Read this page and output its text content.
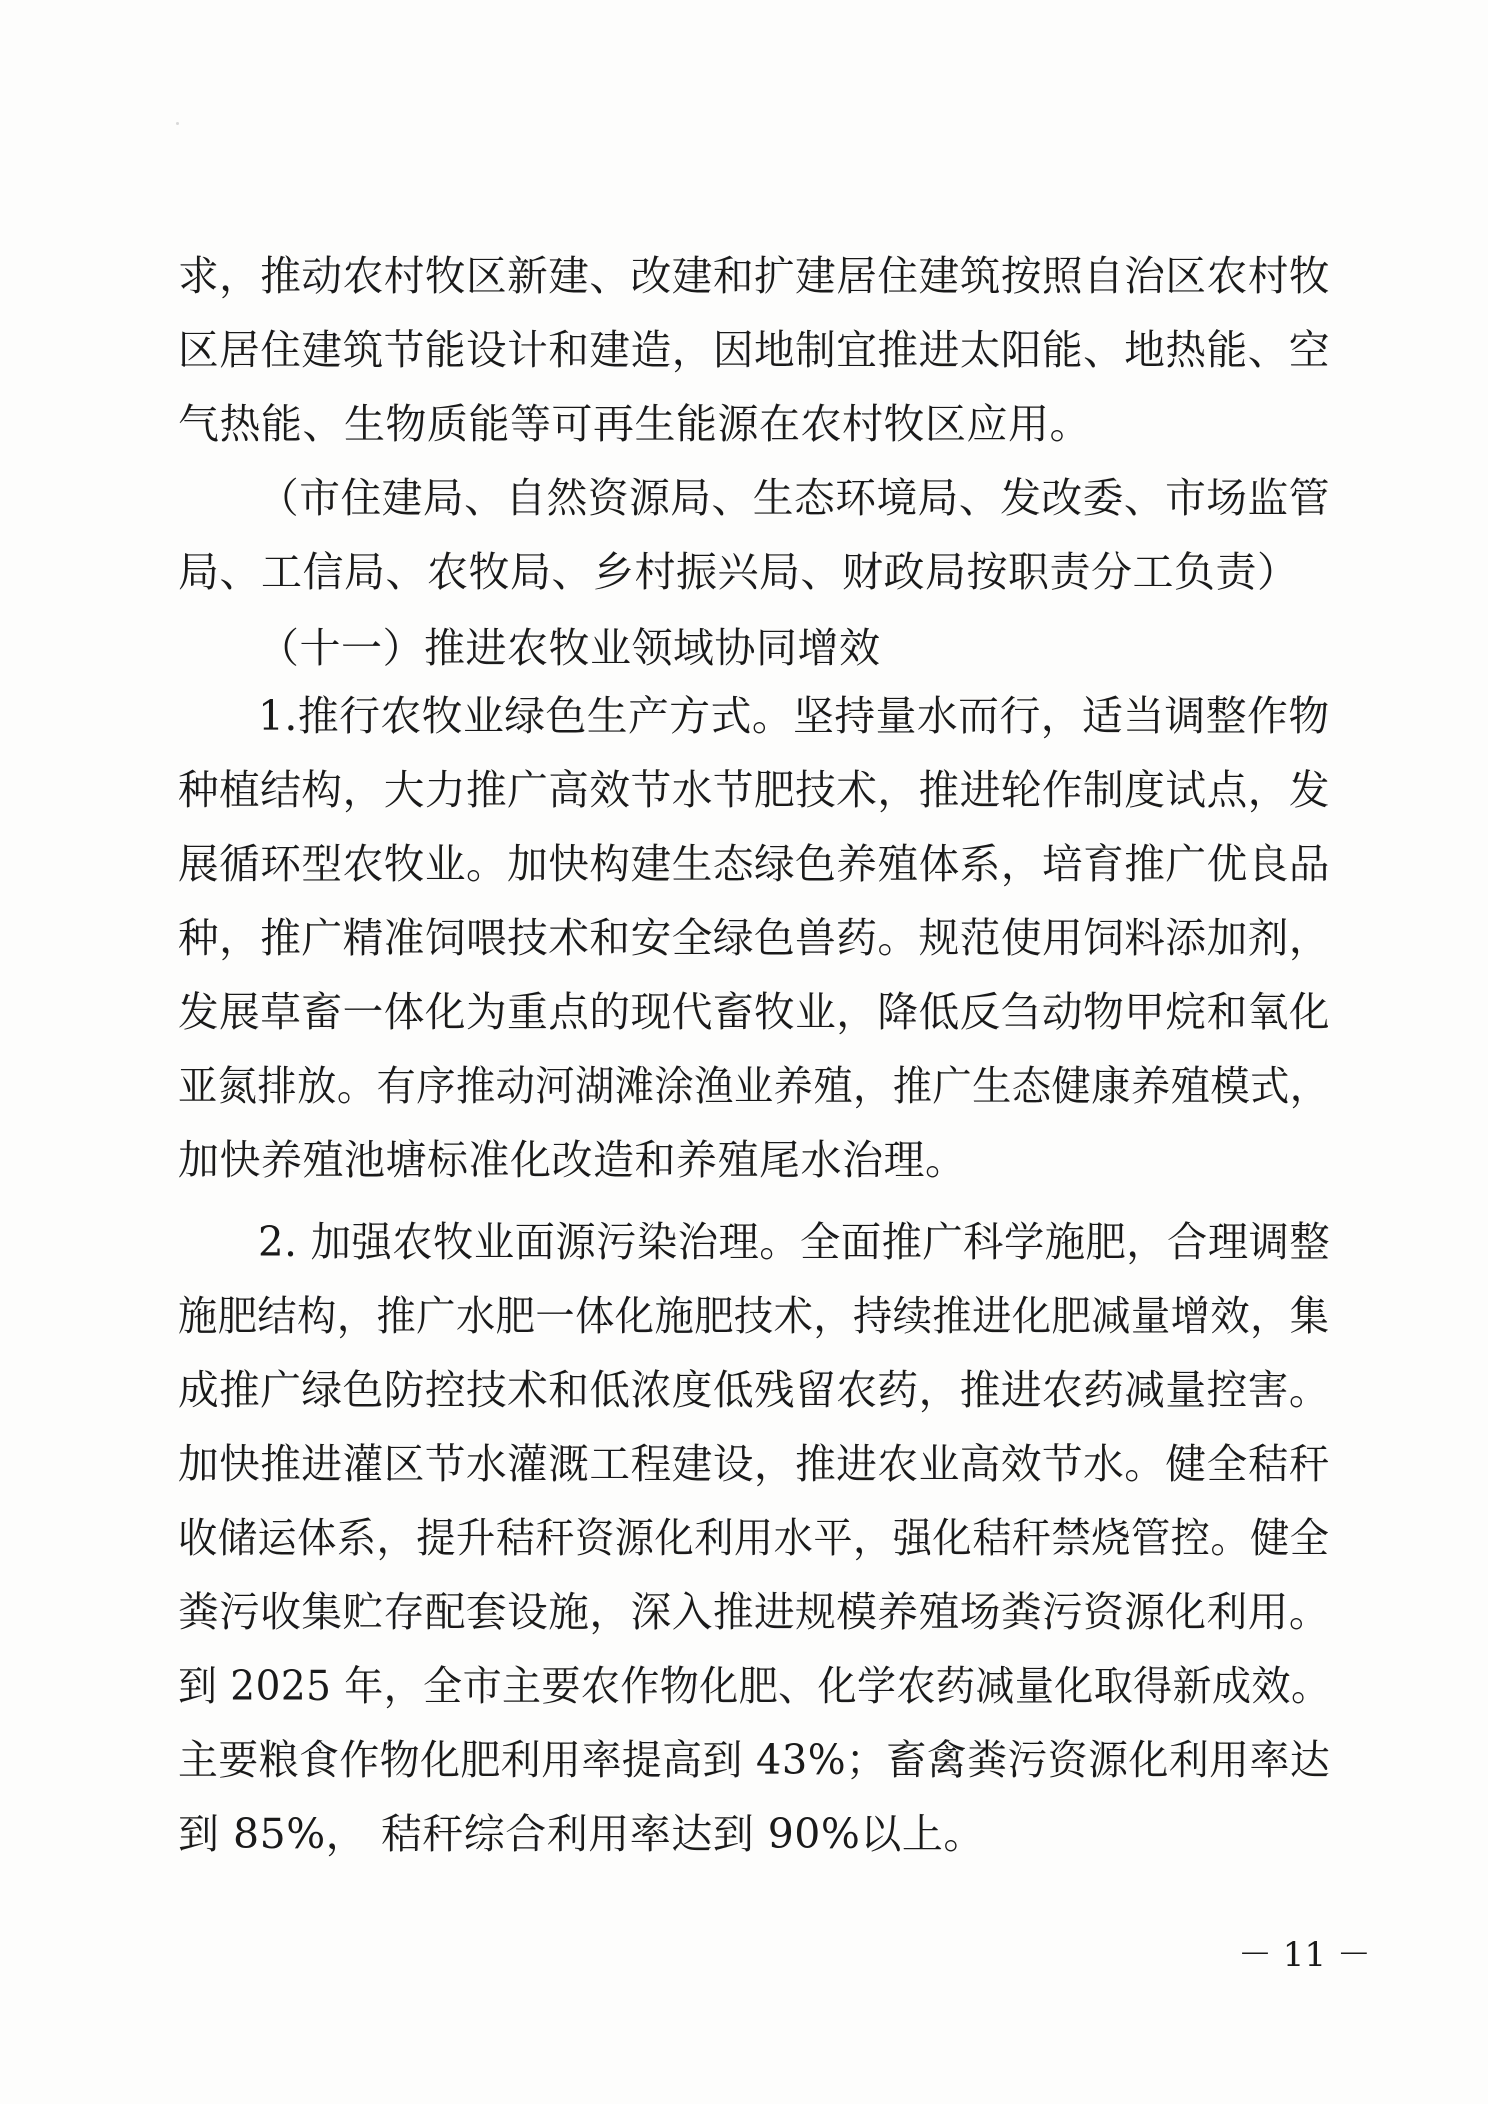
求，推动农村牧区新建、改建和扩建居住建筑按照自治区农村牧
区居住建筑节能设计和建造，因地制宜推进太阳能、地热能、空
气热能、生物质能等可再生能源在农村牧区应用。
（市住建局、自然资源局、生态环境局、发改委、市场监管
局、工信局、农牧局、乡村振兴局、财政局按职责分工负责）
（十一）推进农牧业领域协同增效
1.推行农牧业绿色生产方式。坚持量水而行，适当调整作物
种植结构，大力推广高效节水节肥技术，推进轮作制度试点，发
展循环型农牧业。加快构建生态绿色养殖体系，培育推广优良品
种，推广精准饲喂技术和安全绿色兽药。规范使用饲料添加剂，
发展草畜一体化为重点的现代畜牧业，降低反刍动物甲烷和氧化
亚氮排放。有序推动河湖滩涂渔业养殖，推广生态健康养殖模式，
加快养殖池塘标准化改造和养殖尾水治理。
2. 加强农牧业面源污染治理。全面推广科学施肥，合理调整
施肥结构，推广水肥一体化施肥技术，持续推进化肥减量增效，集
成推广绿色防控技术和低浓度低残留农药，推进农药减量控害。
加快推进灌区节水灌溉工程建设，推进农业高效节水。健全秸秆
收储运体系，提升秸秆资源化利用水平，强化秸秆禁烧管控。健全
粪污收集贮存配套设施，深入推进规模养殖场粪污资源化利用。
到 2025 年，全市主要农作物化肥、化学农药减量化取得新成效。
主要粮食作物化肥利用率提高到 43%；畜禽粪污资源化利用率达
到 85%， 秸秆综合利用率达到 90%以上。
－ 11 －
